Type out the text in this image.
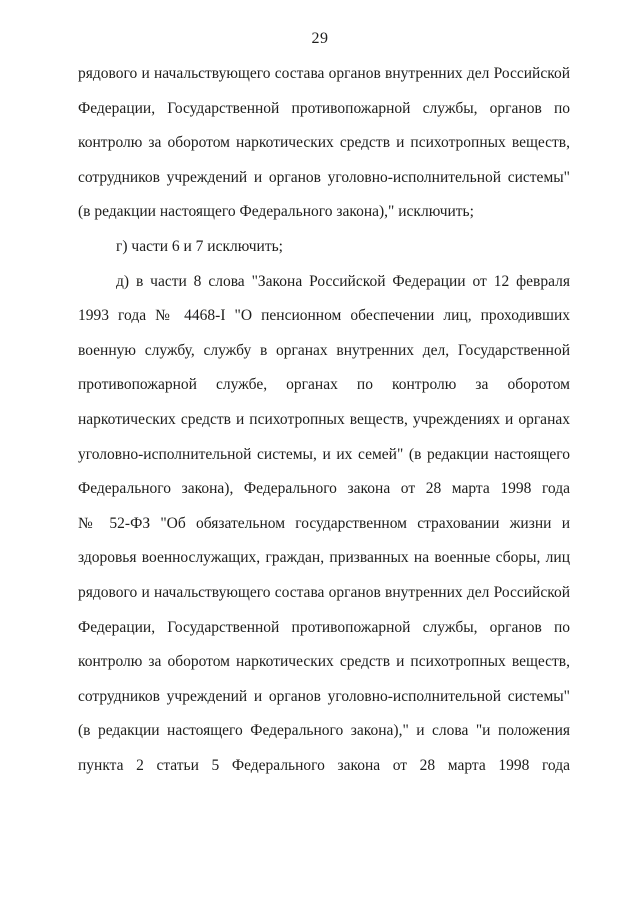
29
рядового и начальствующего состава органов внутренних дел Российской
Федерации, Государственной противопожарной службы, органов по
контролю за оборотом наркотических средств и психотропных веществ,
сотрудников учреждений и органов уголовно-исполнительной системы"
(в редакции настоящего Федерального закона)," исключить;
г) части 6 и 7 исключить;
д) в части 8 слова "Закона Российской Федерации от 12 февраля
1993 года № 4468-I "О пенсионном обеспечении лиц, проходивших
военную службу, службу в органах внутренних дел, Государственной
противопожарной службе, органах по контролю за оборотом
наркотических средств и психотропных веществ, учреждениях и органах
уголовно-исполнительной системы, и их семей" (в редакции настоящего
Федерального закона), Федерального закона от 28 марта 1998 года
№ 52-ФЗ "Об обязательном государственном страховании жизни и
здоровья военнослужащих, граждан, призванных на военные сборы, лиц
рядового и начальствующего состава органов внутренних дел Российской
Федерации, Государственной противопожарной службы, органов по
контролю за оборотом наркотических средств и психотропных веществ,
сотрудников учреждений и органов уголовно-исполнительной системы"
(в редакции настоящего Федерального закона)," и слова "и положения
пункта 2 статьи 5 Федерального закона от 28 марта 1998 года
